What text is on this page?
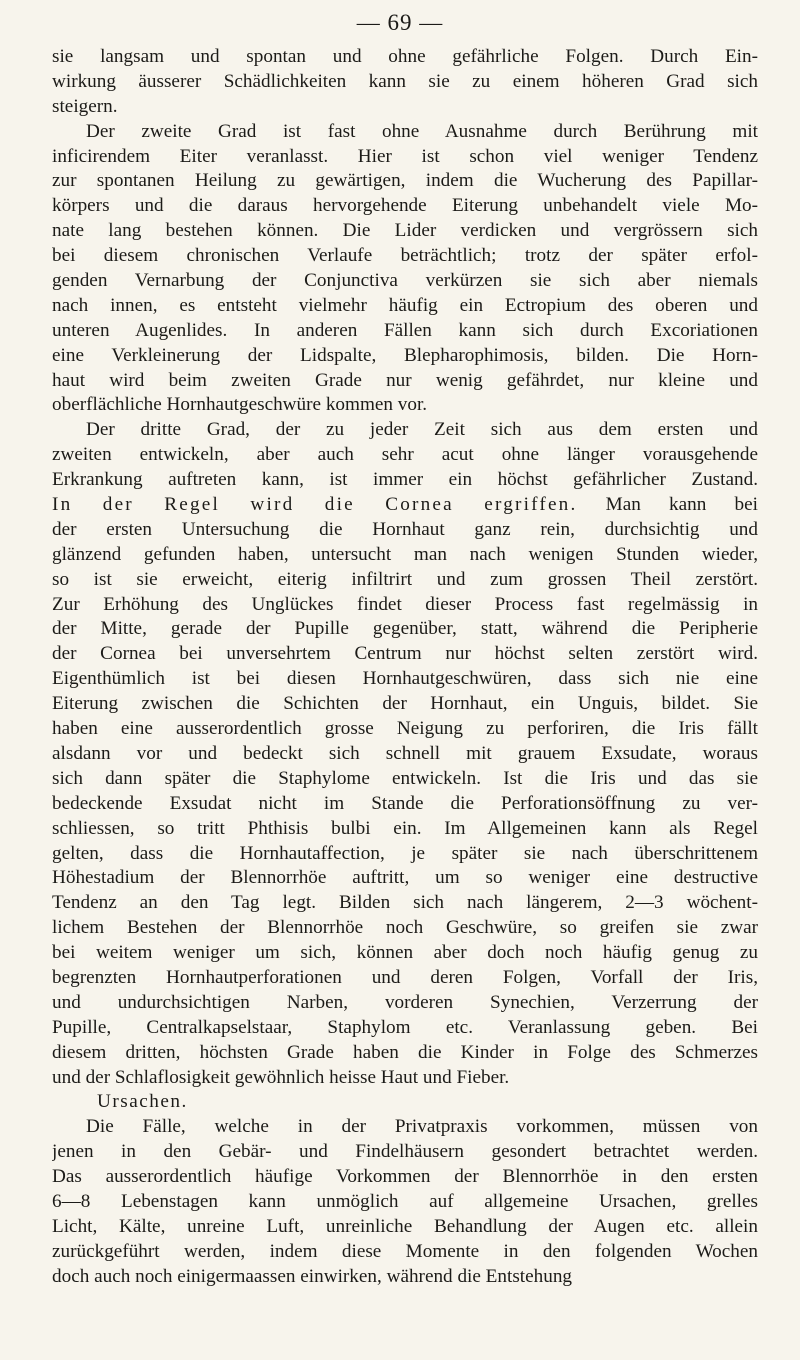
— 69 —
sie langsam und spontan und ohne gefährliche Folgen. Durch Ein-
wirkung äusserer Schädlichkeiten kann sie zu einem höheren Grad sich
steigern.
Der zweite Grad ist fast ohne Ausnahme durch Berührung mit
inficirendem Eiter veranlasst. Hier ist schon viel weniger Tendenz
zur spontanen Heilung zu gewärtigen, indem die Wucherung des Papillar-
körpers und die daraus hervorgehende Eiterung unbehandelt viele Mo-
nate lang bestehen können. Die Lider verdicken und vergrössern sich
bei diesem chronischen Verlaufe beträchtlich; trotz der später erfol-
genden Vernarbung der Conjunctiva verkürzen sie sich aber niemals
nach innen, es entsteht vielmehr häufig ein Ectropium des oberen und
unteren Augenlides. In anderen Fällen kann sich durch Excoriationen
eine Verkleinerung der Lidspalte, Blepharophimosis, bilden. Die Horn-
haut wird beim zweiten Grade nur wenig gefährdet, nur kleine und
oberflächliche Hornhautgeschwüre kommen vor.
Der dritte Grad, der zu jeder Zeit sich aus dem ersten und
zweiten entwickeln, aber auch sehr acut ohne länger vorausgehende
Erkrankung auftreten kann, ist immer ein höchst gefährlicher Zustand.
In der Regel wird die Cornea ergriffen. Man kann bei
der ersten Untersuchung die Hornhaut ganz rein, durchsichtig und
glänzend gefunden haben, untersucht man nach wenigen Stunden wieder,
so ist sie erweicht, eiterig infiltrirt und zum grossen Theil zerstört.
Zur Erhöhung des Unglückes findet dieser Process fast regelmässig in
der Mitte, gerade der Pupille gegenüber, statt, während die Peripherie
der Cornea bei unversehrtem Centrum nur höchst selten zerstört wird.
Eigenthümlich ist bei diesen Hornhautgeschwüren, dass sich nie eine
Eiterung zwischen die Schichten der Hornhaut, ein Unguis, bildet. Sie
haben eine ausserordentlich grosse Neigung zu perforiren, die Iris fällt
alsdann vor und bedeckt sich schnell mit grauem Exsudate, woraus
sich dann später die Staphylome entwickeln. Ist die Iris und das sie
bedeckende Exsudat nicht im Stande die Perforationsöffnung zu ver-
schliessen, so tritt Phthisis bulbi ein. Im Allgemeinen kann als Regel
gelten, dass die Hornhautaffection, je später sie nach überschrittenem
Höhestadium der Blennorrhöe auftritt, um so weniger eine destructive
Tendenz an den Tag legt. Bilden sich nach längerem, 2—3 wöchent-
lichem Bestehen der Blennorrhöe noch Geschwüre, so greifen sie zwar
bei weitem weniger um sich, können aber doch noch häufig genug zu
begrenzten Hornhautperforationen und deren Folgen, Vorfall der Iris,
und undurchsichtigen Narben, vorderen Synechien, Verzerrung der
Pupille, Centralkapselstaar, Staphylom etc. Veranlassung geben. Bei
diesem dritten, höchsten Grade haben die Kinder in Folge des Schmerzes
und der Schlaflosigkeit gewöhnlich heisse Haut und Fieber.
Ursachen.
Die Fälle, welche in der Privatpraxis vorkommen, müssen von
jenen in den Gebär- und Findelhäusern gesondert betrachtet werden.
Das ausserordentlich häufige Vorkommen der Blennorrhöe in den ersten
6—8 Lebenstagen kann unmöglich auf allgemeine Ursachen, grelles
Licht, Kälte, unreine Luft, unreinliche Behandlung der Augen etc. allein
zurückgeführt werden, indem diese Momente in den folgenden Wochen
doch auch noch einigermaassen einwirken, während die Entstehung
